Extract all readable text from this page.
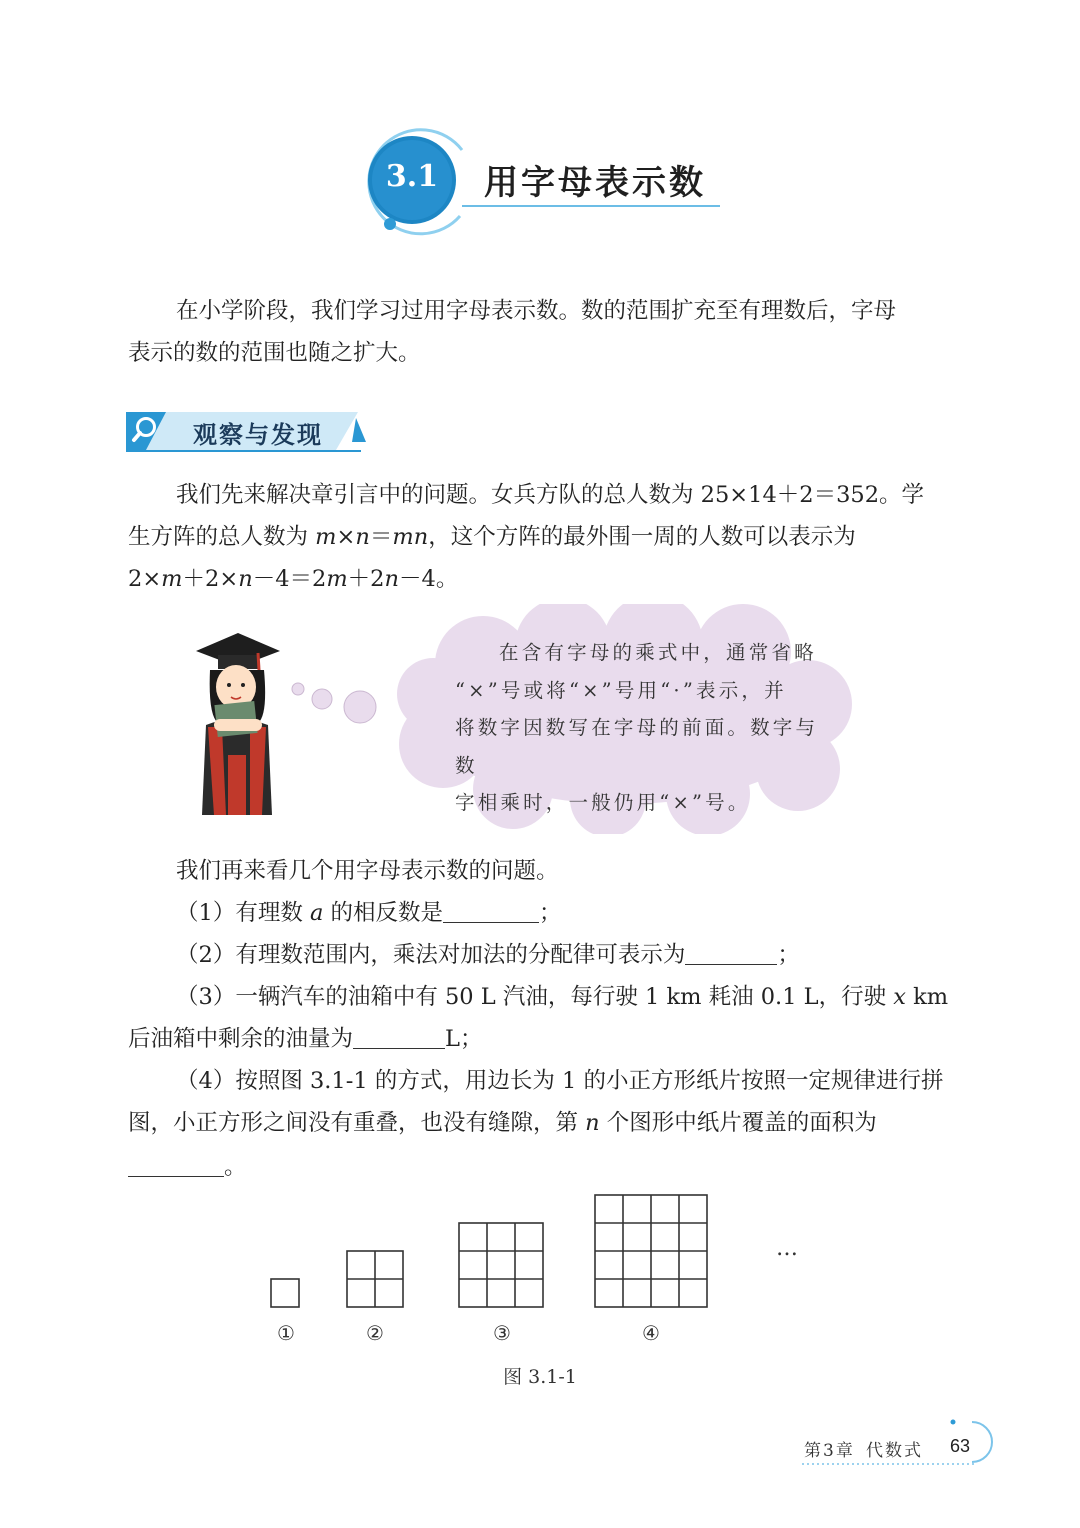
3.1 用字母表示数
在小学阶段，我们学习过用字母表示数。数的范围扩充至有理数后，字母
表示的数的范围也随之扩大。
观察与发现
我们先来解决章引言中的问题。女兵方队的总人数为 25×14＋2＝352。学
生方阵的总人数为 m×n＝mn，这个方阵的最外围一周的人数可以表示为
2×m＋2×n－4＝2m＋2n－4。
在含有字母的乘式中，通常省略
“×”号或将“×”号用“·”表示，并
将数字因数写在字母的前面。数字与数
字相乘时，一般仍用“×”号。
我们再来看几个用字母表示数的问题。
（1）有理数 a 的相反数是	；
（2）有理数范围内，乘法对加法的分配律可表示为	；
（3）一辆汽车的油箱中有 50 L 汽油，每行驶 1 km 耗油 0.1 L，行驶 x km
后油箱中剩余的油量为	L；
（4）按照图 3.1-1 的方式，用边长为 1 的小正方形纸片按照一定规律进行拼
图，小正方形之间没有重叠，也没有缝隙，第 n 个图形中纸片覆盖的面积为
。
…
①	②	③	④
图 3.1-1
第3章 代数式 63
